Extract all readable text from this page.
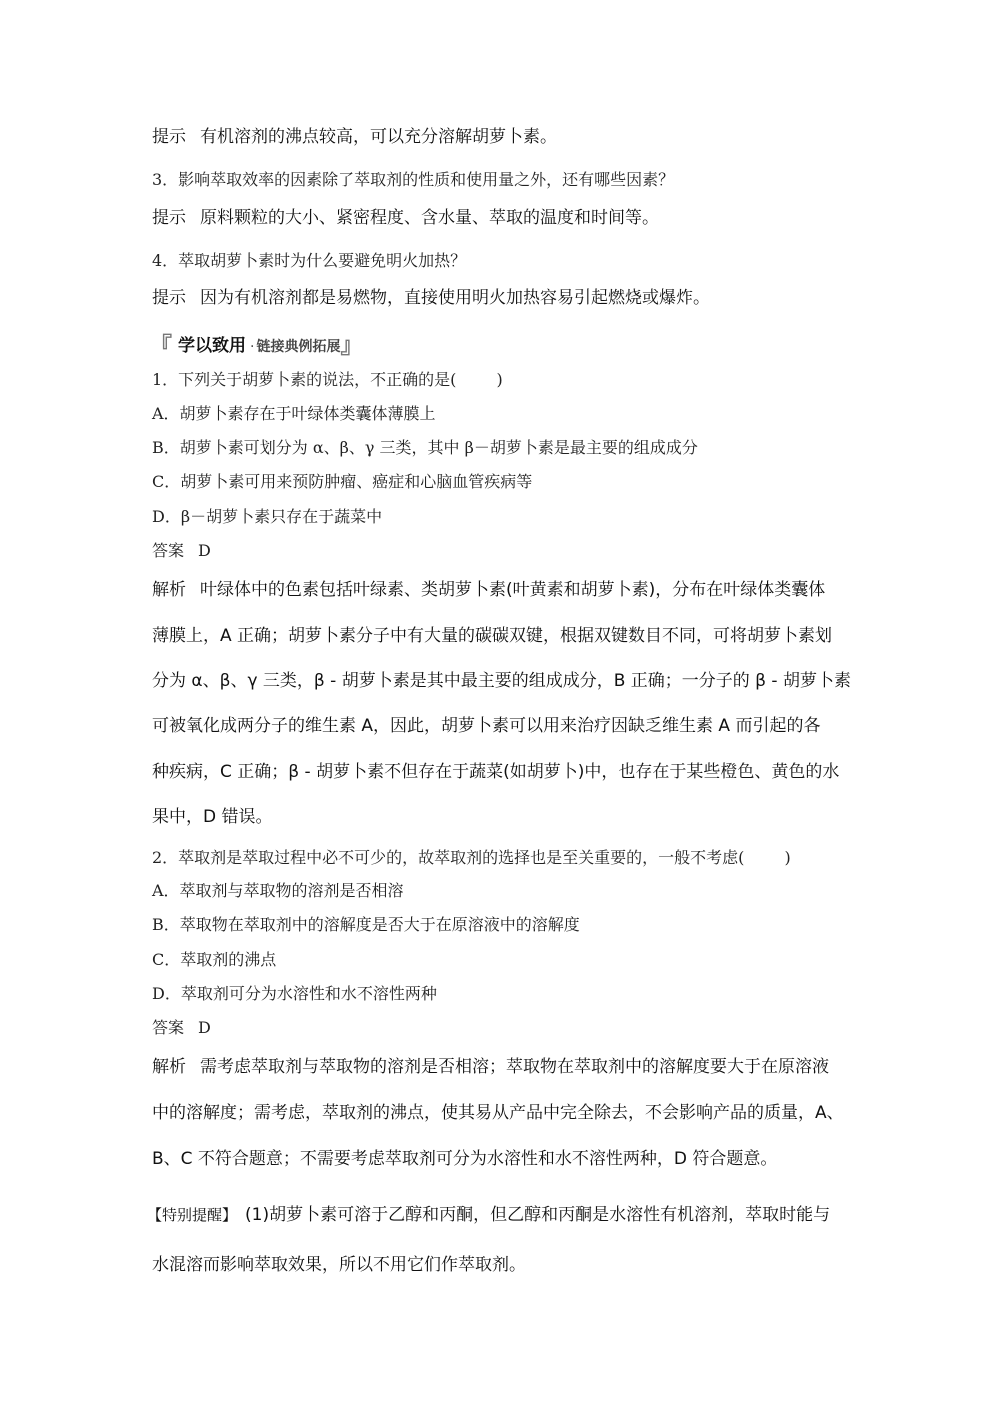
提示 有机溶剂的沸点较高，可以充分溶解胡萝卜素。
3．影响萃取效率的因素除了萃取剂的性质和使用量之外，还有哪些因素？
提示 原料颗粒的大小、紧密程度、含水量、萃取的温度和时间等。
4．萃取胡萝卜素时为什么要避免明火加热？
提示 因为有机溶剂都是易燃物，直接使用明火加热容易引起燃烧或爆炸。
『 学以致用 · 链接典例拓展』
1．下列关于胡萝卜素的说法，不正确的是(	)
A．胡萝卜素存在于叶绿体类囊体薄膜上
B．胡萝卜素可划分为 α、β、γ 三类，其中 β－胡萝卜素是最主要的组成成分
C．胡萝卜素可用来预防肿瘤、癌症和心脑血管疾病等
D．β－胡萝卜素只存在于蔬菜中
答案 D
解析 叶绿体中的色素包括叶绿素、类胡萝卜素(叶黄素和胡萝卜素)，分布在叶绿体类囊体
薄膜上，A 正确；胡萝卜素分子中有大量的碳碳双键，根据双键数目不同，可将胡萝卜素划
分为 α、β、γ 三类，β - 胡萝卜素是其中最主要的组成成分，B 正确；一分子的 β - 胡萝卜素
可被氧化成两分子的维生素 A，因此，胡萝卜素可以用来治疗因缺乏维生素 A 而引起的各
种疾病，C 正确；β - 胡萝卜素不但存在于蔬菜(如胡萝卜)中，也存在于某些橙色、黄色的水
果中，D 错误。
2．萃取剂是萃取过程中必不可少的，故萃取剂的选择也是至关重要的，一般不考虑(	)
A．萃取剂与萃取物的溶剂是否相溶
B．萃取物在萃取剂中的溶解度是否大于在原溶液中的溶解度
C．萃取剂的沸点
D．萃取剂可分为水溶性和水不溶性两种
答案 D
解析 需考虑萃取剂与萃取物的溶剂是否相溶；萃取物在萃取剂中的溶解度要大于在原溶液
中的溶解度；需考虑，萃取剂的沸点，使其易从产品中完全除去，不会影响产品的质量，A、
B、C 不符合题意；不需要考虑萃取剂可分为水溶性和水不溶性两种，D 符合题意。
【特别提醒】 (1)胡萝卜素可溶于乙醇和丙酮，但乙醇和丙酮是水溶性有机溶剂，萃取时能与
水混溶而影响萃取效果，所以不用它们作萃取剂。
